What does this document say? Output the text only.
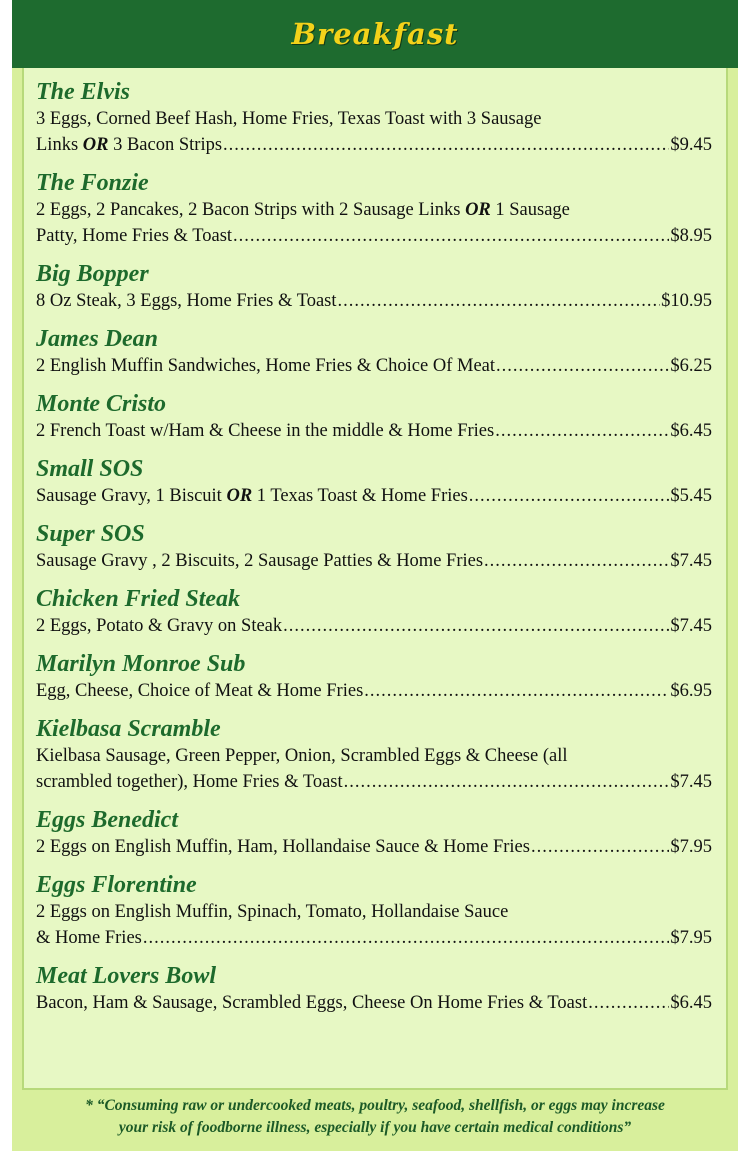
Breakfast
The Elvis
3 Eggs, Corned Beef Hash, Home Fries, Texas Toast with 3 Sausage
Links OR 3 Bacon Strips .....	$9.45
The Fonzie
2 Eggs, 2 Pancakes, 2 Bacon Strips with 2 Sausage Links OR 1 Sausage
Patty, Home Fries & Toast .....	$8.95
Big Bopper
8 Oz Steak, 3 Eggs, Home Fries & Toast .....	$10.95
James Dean
2 English Muffin Sandwiches, Home Fries & Choice Of Meat .....	$6.25
Monte Cristo
2 French Toast w/Ham & Cheese in the middle & Home Fries .....	$6.45
Small SOS
Sausage Gravy, 1 Biscuit OR 1 Texas Toast & Home Fries .....	$5.45
Super SOS
Sausage Gravy , 2 Biscuits, 2 Sausage Patties & Home Fries .....	$7.45
Chicken Fried Steak
2 Eggs, Potato & Gravy on Steak .....	$7.45
Marilyn Monroe Sub
Egg, Cheese, Choice of Meat & Home Fries .....	$6.95
Kielbasa Scramble
Kielbasa Sausage, Green Pepper, Onion, Scrambled Eggs & Cheese (all
scrambled together), Home Fries & Toast .....	$7.45
Eggs Benedict
2 Eggs on English Muffin, Ham, Hollandaise Sauce & Home Fries .....	$7.95
Eggs Florentine
2 Eggs on English Muffin, Spinach, Tomato, Hollandaise Sauce
& Home Fries .....	$7.95
Meat Lovers Bowl
Bacon, Ham & Sausage, Scrambled Eggs, Cheese On Home Fries & Toast .....	$6.45
* “Consuming raw or undercooked meats, poultry, seafood, shellfish, or eggs may increase
your risk of foodborne illness, especially if you have certain medical conditions”
